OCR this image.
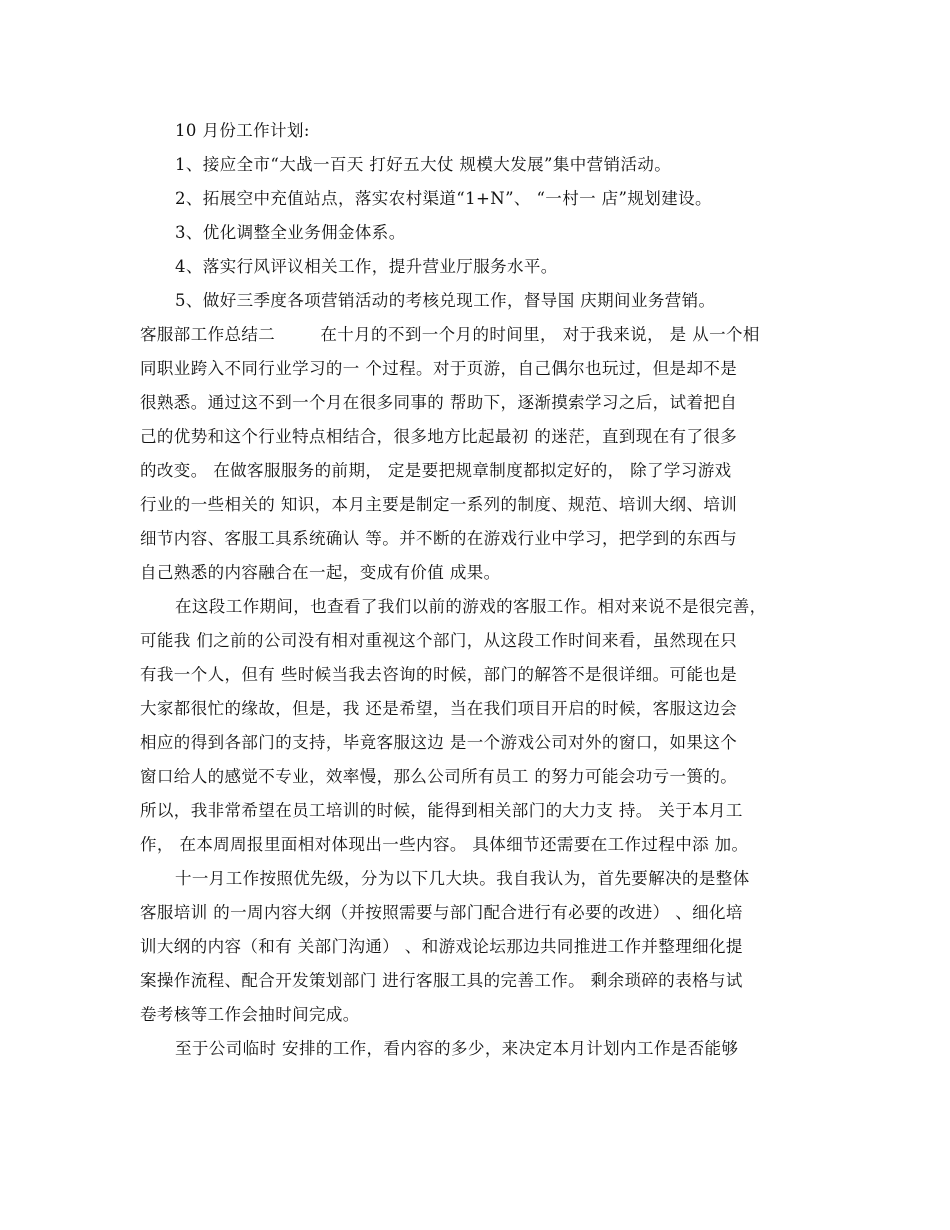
10 月份工作计划:
1、接应全市“大战一百天 打好五大仗 规模大发展”集中营销活动。
2、拓展空中充值站点，落实农村渠道“1+N”、 “一村一 店”规划建设。
3、优化调整全业务佣金体系。
4、落实行风评议相关工作，提升营业厅服务水平。
5、做好三季度各项营销活动的考核兑现工作，督导国 庆期间业务营销。
客服部工作总结二        在十月的不到一个月的时间里， 对于我来说， 是 从一个相
同职业跨入不同行业学习的一 个过程。对于页游，自己偶尔也玩过，但是却不是
很熟悉。通过这不到一个月在很多同事的 帮助下，逐渐摸索学习之后，试着把自
己的优势和这个行业特点相结合，很多地方比起最初 的迷茫，直到现在有了很多
的改变。 在做客服服务的前期， 定是要把规章制度都拟定好的， 除了学习游戏
行业的一些相关的 知识，本月主要是制定一系列的制度、规范、培训大纲、培训
细节内容、客服工具系统确认 等。并不断的在游戏行业中学习，把学到的东西与
自己熟悉的内容融合在一起，变成有价值 成果。
在这段工作期间，也查看了我们以前的游戏的客服工作。相对来说不是很完善，
可能我 们之前的公司没有相对重视这个部门，从这段工作时间来看，虽然现在只
有我一个人，但有 些时候当我去咨询的时候，部门的解答不是很详细。可能也是
大家都很忙的缘故，但是，我 还是希望，当在我们项目开启的时候，客服这边会
相应的得到各部门的支持，毕竟客服这边 是一个游戏公司对外的窗口，如果这个
窗口给人的感觉不专业，效率慢，那么公司所有员工 的努力可能会功亏一篑的。
所以，我非常希望在员工培训的时候，能得到相关部门的大力支 持。 关于本月工
作， 在本周周报里面相对体现出一些内容。 具体细节还需要在工作过程中添 加。
十一月工作按照优先级，分为以下几大块。我自我认为，首先要解决的是整体
客服培训 的一周内容大纲（并按照需要与部门配合进行有必要的改进） 、细化培
训大纲的内容（和有 关部门沟通） 、和游戏论坛那边共同推进工作并整理细化提
案操作流程、配合开发策划部门 进行客服工具的完善工作。 剩余琐碎的表格与试
卷考核等工作会抽时间完成。
至于公司临时 安排的工作，看内容的多少，来决定本月计划内工作是否能够
